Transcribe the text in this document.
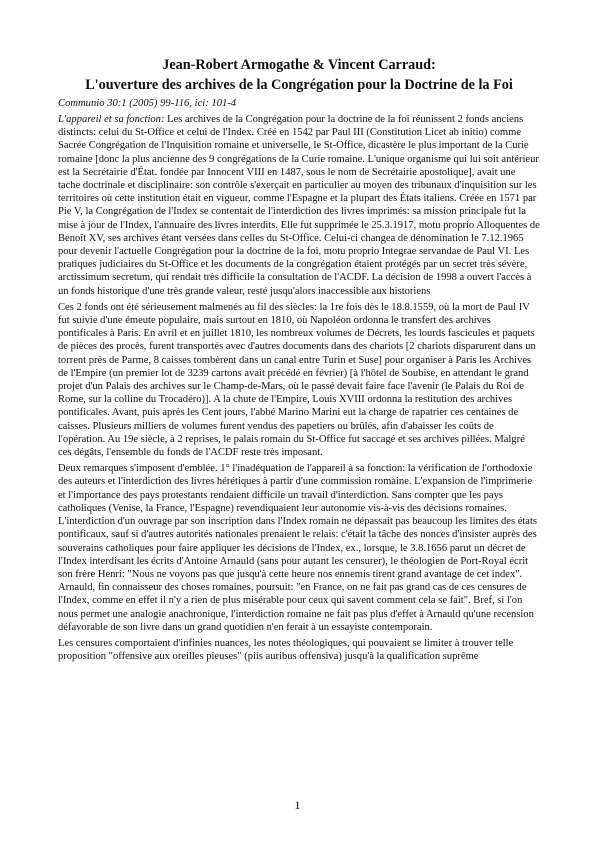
Jean-Robert Armogathe & Vincent Carraud:
L'ouverture des archives de la Congrégation pour la Doctrine de la Foi
Communio 30:1 (2005) 99-116, ici: 101-4

L'appareil et sa fonction: Les archives de la Congrégation pour la doctrine de la foi réunissent 2 fonds anciens distincts: celui du St-Office et celui de l'Index. Créé en 1542 par Paul III (Constitution Licet ab initio) comme Sacrée Congrégation de l'Inquisition romaine et universelle, le St-Office, dicastère le plus important de la Curie romaine [donc la plus ancienne des 9 congrégations de la Curie romaine. L'unique organisme qui lui soit antérieur est la Secrétairie d'État. fondée par Innocent VIII en 1487, sous le nom de Secrétairie apostolique], avait une tache doctrinale et disciplinaire: son contrôle s'exerçait en particulier au moyen des tribunaux d'inquisition sur les territoires où cette institution était en vigueur, comme l'Espagne et la plupart des États italiens. Créée en 1571 par Pie V, la Congrégation de l'Index se contentait de l'interdiction des livres imprimés: sa mission principale fut la mise à jour de l'Index, l'annuaire des livres interdits. Elle fut supprimée le 25.3.1917, motu proprio Alloquentes de Benoît XV, ses archives étant versées dans celles du St-Office. Celui-ci changea de dénomination le 7.12.1965 pour devenir l'actuelle Congrégation pour la doctrine de la foi, motu proprio Integrae servandae de Paul VI. Les pratiques judiciaires du St-Office et les documents de la congrégation étaient protégés par un secret très sévère, arctissimum secretum, qui rendait très difficile la consultation de l'ACDF. La décision de 1998 a ouvert l'accès à un fonds historique d'une très grande valeur, resté jusqu'alors inaccessible aux historiens

Ces 2 fonds ont été sérieusement malmenés au fil des siècles: la 1re fois dès le 18.8.1559, où la mort de Paul IV fut suivie d'une émeute populaire, mais surtout en 1810, où Napoléon ordonna le transfert des archives pontificales à Paris. En avril et en juillet 1810, les nombreux volumes de Décrets, les lourds fascicules et paquets de pièces des procès, furent transportés avec d'autres documents dans des chariots [2 chariots disparurent dans un torrent près de Parme, 8 caisses tombèrent dans un canal entre Turin et Suse] pour organiser à Paris les Archives de l'Empire (un premier lot de 3239 cartons avait précédé en février) [à l'hôtel de Soubise, en attendant le grand projet d'un Palais des archives sur le Champ-de-Mars, où le passé devait faire face l'avenir (le Palais du Roi de Rome, sur la colline du Trocadéro)]. A la chute de l'Empire, Louis XVIII ordonna la restitution des archives pontificales. Avant, puis après les Cent jours, l'abbé Marino Marini eut la charge de rapatrier ces centaines de caisses. Plusieurs milliers de volumes furent vendus des papetiers ou brûlés, afin d'abaisser les coûts de l'opération. Au 19e siècle, à 2 reprises, le palais romain du St-Office fut saccagé et ses archives pillées. Malgré ces dégâts, l'ensemble du fonds de l'ACDF reste très imposant.

Deux remarques s'imposent d'emblée. 1° l'inadéquation de l'appareil à sa fonction: la vérification de l'orthodoxie des auteurs et l'interdiction des livres hérétiques à partir d'une commission romaine. L'expansion de l'imprimerie et l'importance des pays protestants rendaient difficile un travail d'interdiction. Sans compter que les pays catholiques (Venise, la France, l'Espagne) revendiquaient leur autonomie vis-à-vis des décisions romaines. L'interdiction d'un ouvrage par son inscription dans l'Index romain ne dépassait pas beaucoup les limites des états pontificaux, sauf si d'autres autorités nationales prenaient le relais: c'était la tâche des nonces d'insister auprès des souverains catholiques pour faire appliquer les décisions de l'Index, ex., lorsque, le 3.8.1656 parut un décret de l'Index interdisant les écrits d'Antoine Arnauld (sans pour autant les censurer), le théologien de Port-Royal écrit son frère Henri: "Nous ne voyons pas que jusqu'à cette heure nos ennemis tirent grand avantage de cet index". Arnauld, fin connaisseur des choses romaines, poursuit: "en France, on ne fait pas grand cas de ces censures de l'Index, comme en effet il n'y a rien de plus misérable pour ceux qui savent comment cela se fait". Bref, si l'on nous permet une analogie anachronique, l'interdiction romaine ne fait pas plus d'effet à Arnauld qu'une recension défavorable de son livre dans un grand quotidien n'en ferait à un essayiste contemporain.

Les censures comportaient d'infinies nuances, les notes théologiques, qui pouvaient se limiter à trouver telle proposition "offensive aux oreilles pieuses" (piis auribus offensiva) jusqu'à la qualification suprême

1
